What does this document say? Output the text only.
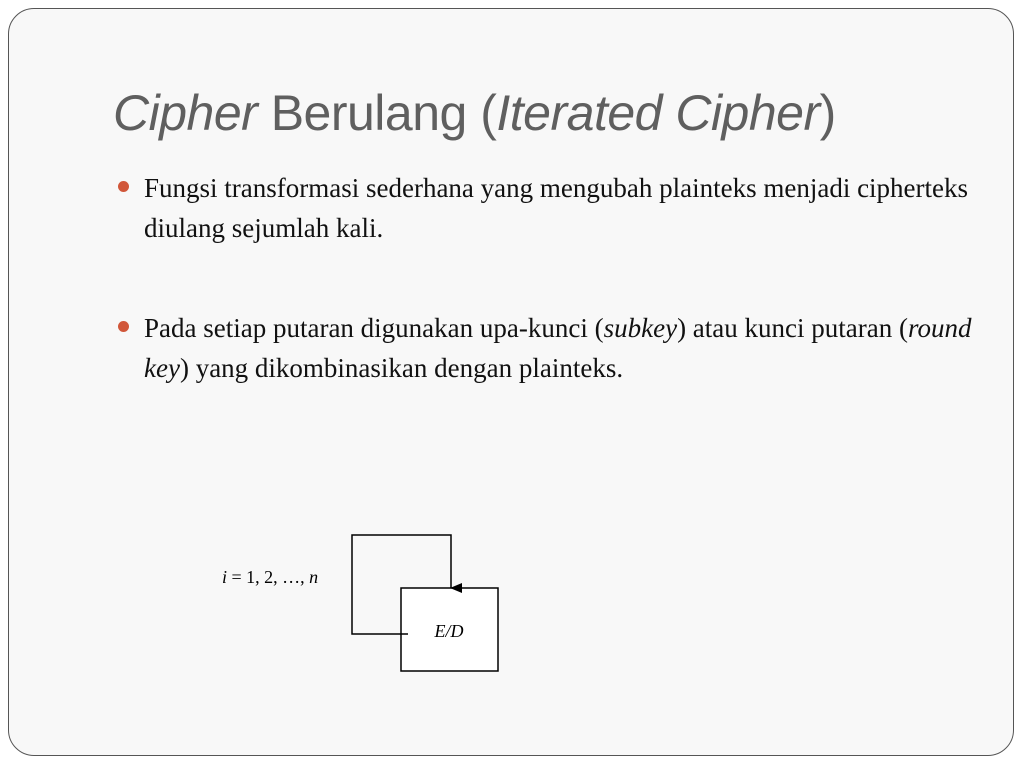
Cipher Berulang (Iterated Cipher)
Fungsi transformasi sederhana yang mengubah plainteks menjadi cipherteks diulang sejumlah kali.
Pada setiap putaran digunakan upa-kunci (subkey) atau kunci putaran (round key) yang dikombinasikan dengan plainteks.
i = 1, 2, …, n
E/D
